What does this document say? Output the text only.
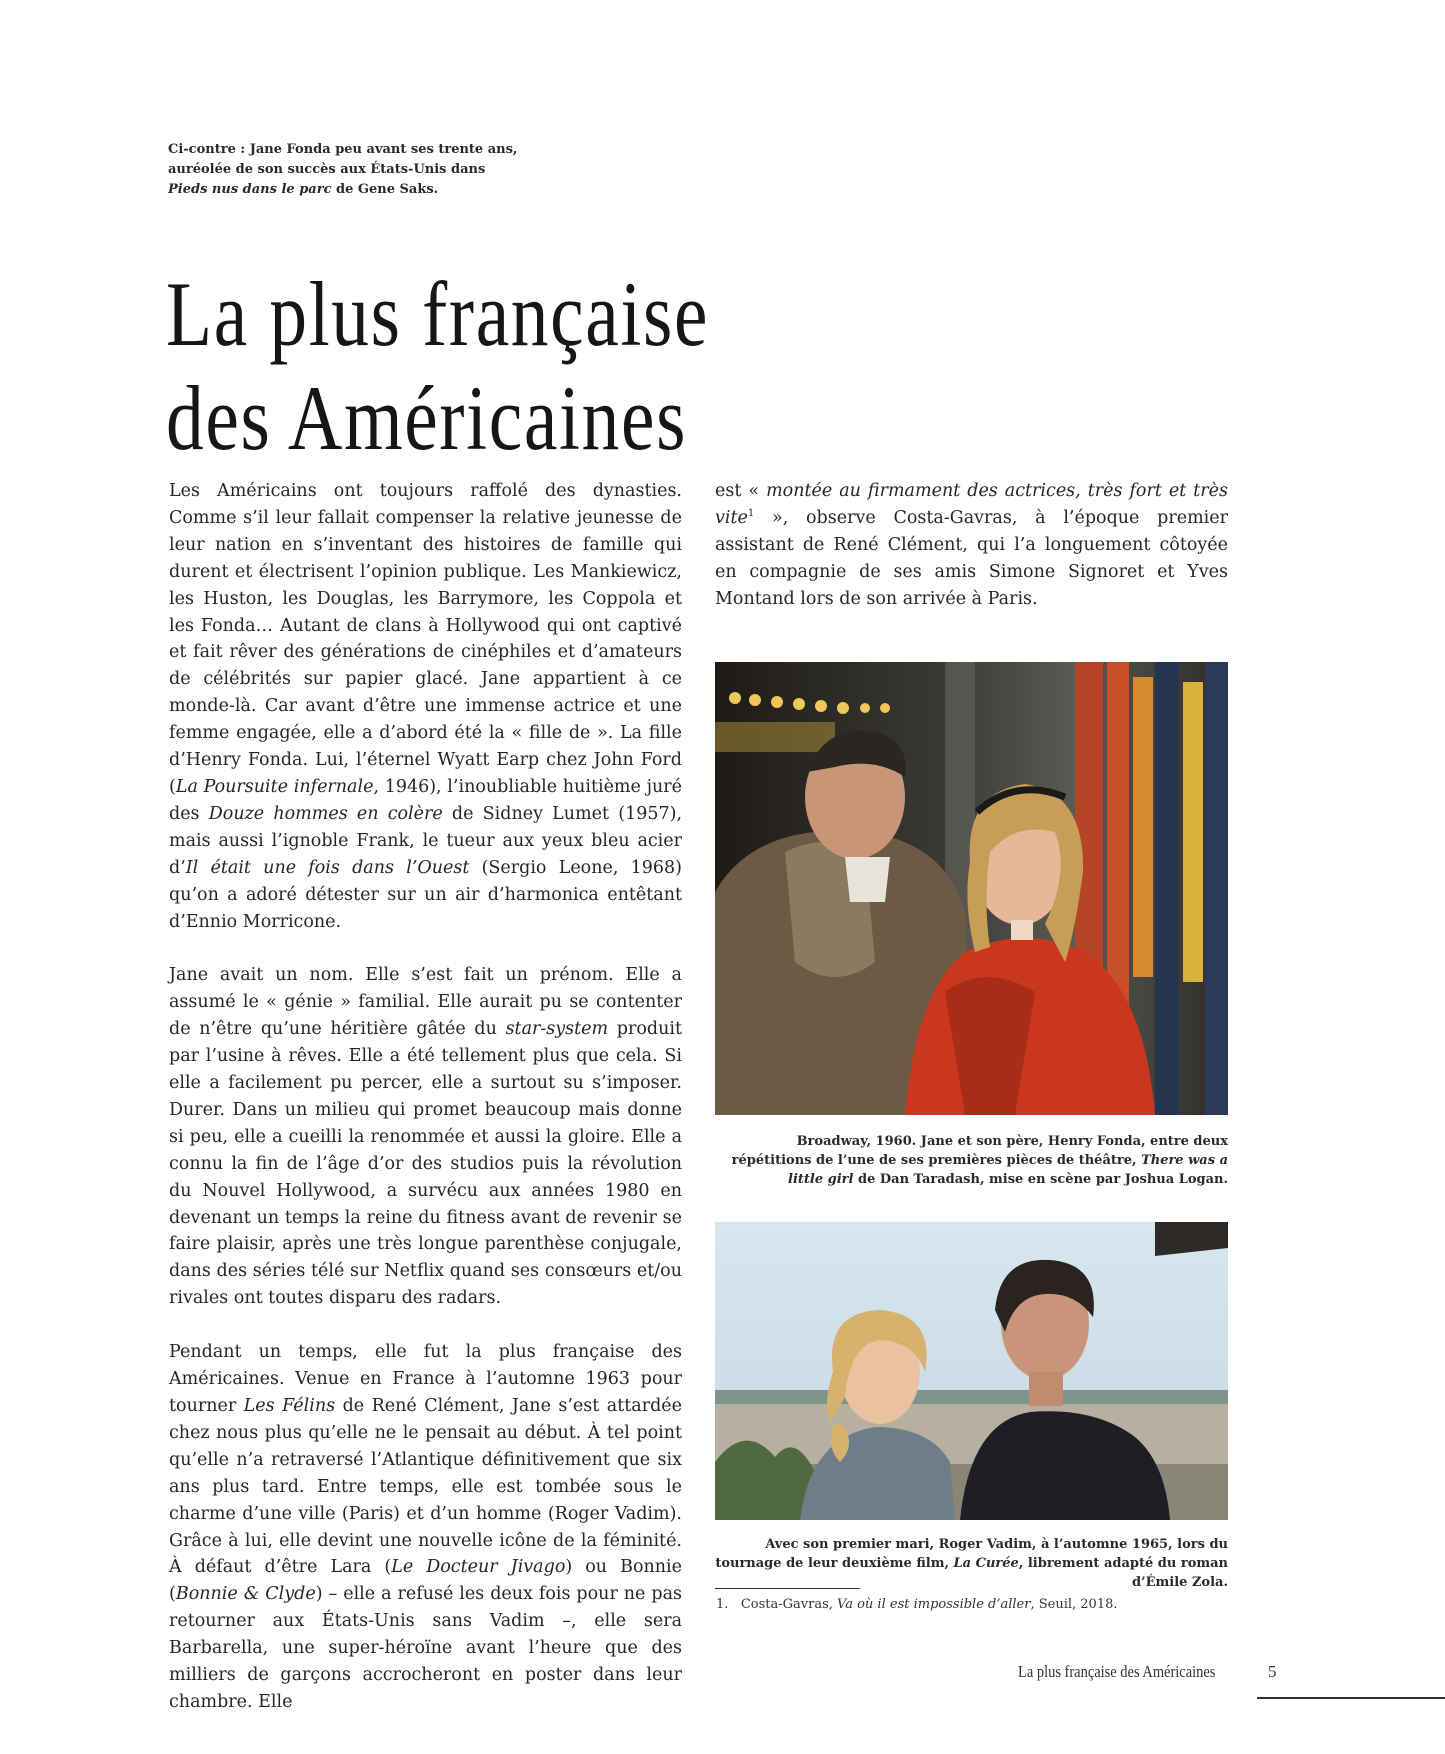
Ci-contre : Jane Fonda peu avant ses trente ans, auréolée de son succès aux États-Unis dans Pieds nus dans le parc de Gene Saks.
La plus française
des Américaines

Les Américains ont toujours raffolé des dynasties. Comme s’il leur fallait compenser la relative jeunesse de leur nation en s’inventant des histoires de famille qui durent et électrisent l’opinion publique. Les Mankiewicz, les Huston, les Douglas, les Barrymore, les Coppola et les Fonda… Autant de clans à Hollywood qui ont captivé et fait rêver des générations de cinéphiles et d’amateurs de célébrités sur papier glacé. Jane appartient à ce monde-là. Car avant d’être une immense actrice et une femme engagée, elle a d’abord été la « fille de ». La fille d’Henry Fonda. Lui, l’éternel Wyatt Earp chez John Ford (La Poursuite infernale, 1946), l’inoubliable huitième juré des Douze hommes en colère de Sidney Lumet (1957), mais aussi l’ignoble Frank, le tueur aux yeux bleu acier d’Il était une fois dans l’Ouest (Sergio Leone, 1968) qu’on a adoré détester sur un air d’harmonica entêtant d’Ennio Morricone.

Jane avait un nom. Elle s’est fait un prénom. Elle a assumé le « génie » familial. Elle aurait pu se contenter de n’être qu’une héritière gâtée du star-system produit par l’usine à rêves. Elle a été tellement plus que cela. Si elle a facilement pu percer, elle a surtout su s’imposer. Durer. Dans un milieu qui promet beaucoup mais donne si peu, elle a cueilli la renommée et aussi la gloire. Elle a connu la fin de l’âge d’or des studios puis la révolution du Nouvel Hollywood, a survécu aux années 1980 en devenant un temps la reine du fitness avant de revenir se faire plaisir, après une très longue parenthèse conjugale, dans des séries télé sur Netflix quand ses consœurs et/ou rivales ont toutes disparu des radars.

Pendant un temps, elle fut la plus française des Américaines. Venue en France à l’automne 1963 pour tourner Les Félins de René Clément, Jane s’est attardée chez nous plus qu’elle ne le pensait au début. À tel point qu’elle n’a retraversé l’Atlantique définitivement que six ans plus tard. Entre temps, elle est tombée sous le charme d’une ville (Paris) et d’un homme (Roger Vadim). Grâce à lui, elle devint une nouvelle icône de la féminité. À défaut d’être Lara (Le Docteur Jivago) ou Bonnie (Bonnie & Clyde) – elle a refusé les deux fois pour ne pas retourner aux États-Unis sans Vadim –, elle sera Barbarella, une super-héroïne avant l’heure que des milliers de garçons accrocheront en poster dans leur chambre. Elle

est « montée au firmament des actrices, très fort et très vite$^1$ », observe Costa-Gavras, à l’époque premier assistant de René Clément, qui l’a longuement côtoyée en compagnie de ses amis Simone Signoret et Yves Montand lors de son arrivée à Paris.

Broadway, 1960. Jane et son père, Henry Fonda, entre deux répétitions de l’une de ses premières pièces de théâtre, There was a little girl de Dan Taradash, mise en scène par Joshua Logan.
Avec son premier mari, Roger Vadim, à l’automne 1965, lors du tournage de leur deuxième film, La Curée, librement adapté du roman d’Émile Zola.
1. Costa-Gavras, Va où il est impossible d’aller, Seuil, 2018.
La plus française des Américaines	5
